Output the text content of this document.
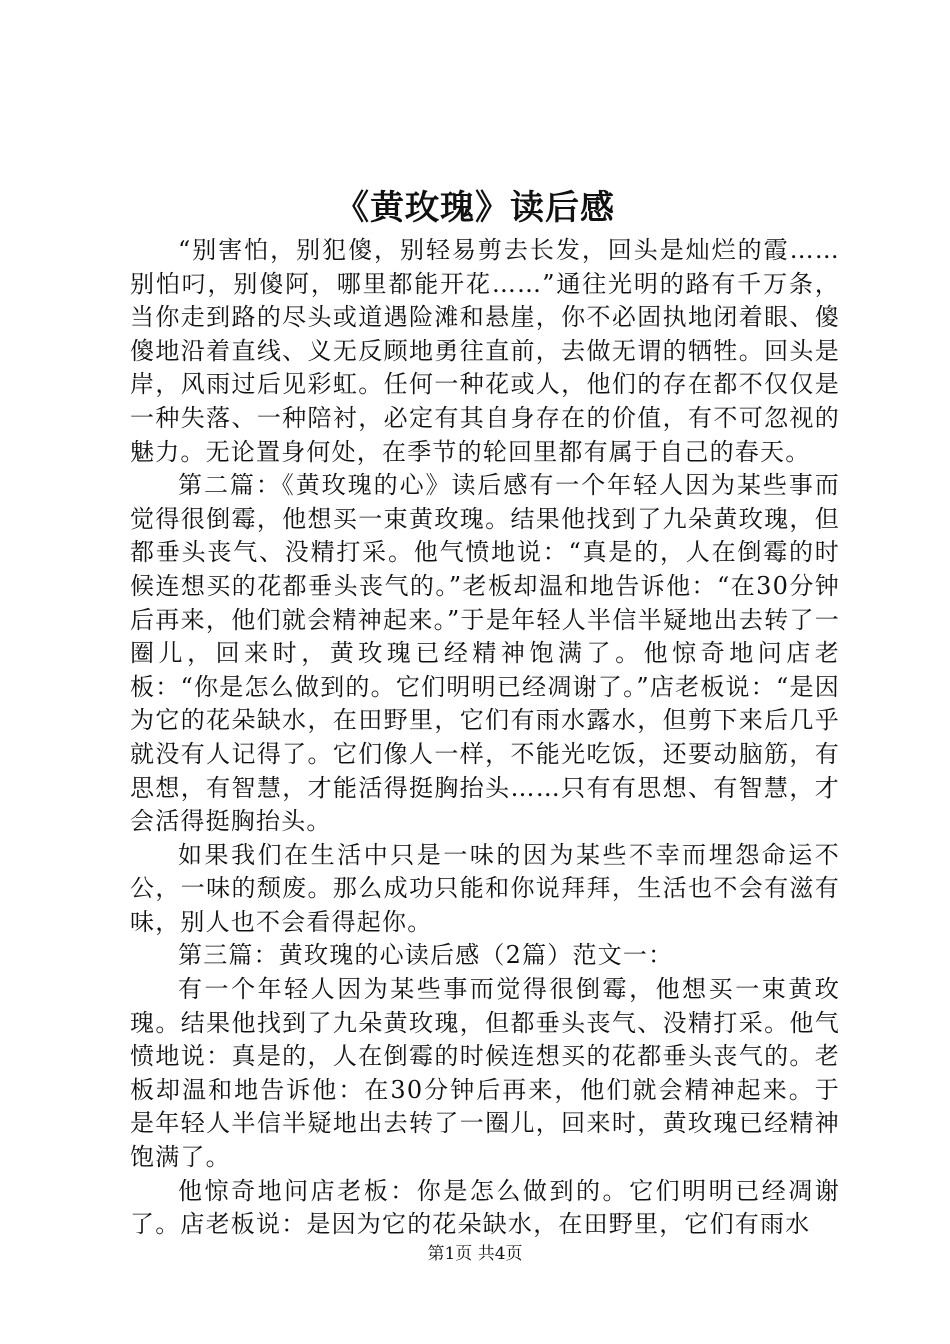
《黄玫瑰》读后感

“别害怕，别犯傻，别轻易剪去长发，回头是灿烂的霞……别怕叼，别傻阿，哪里都能开花……”通往光明的路有千万条，当你走到路的尽头或道遇险滩和悬崖，你不必固执地闭着眼、傻傻地沿着直线、义无反顾地勇往直前，去做无谓的牺牲。回头是岸，风雨过后见彩虹。任何一种花或人，他们的存在都不仅仅是一种失落、一种陪衬，必定有其自身存在的价值，有不可忽视的魅力。无论置身何处，在季节的轮回里都有属于自己的春天。

第二篇：《黄玫瑰的心》读后感有一个年轻人因为某些事而觉得很倒霉，他想买一束黄玫瑰。结果他找到了九朵黄玫瑰，但都垂头丧气、没精打采。他气愤地说：“真是的，人在倒霉的时候连想买的花都垂头丧气的。”老板却温和地告诉他：“在30分钟后再来，他们就会精神起来。”于是年轻人半信半疑地出去转了一圈儿，回来时，黄玫瑰已经精神饱满了。他惊奇地问店老板：“你是怎么做到的。它们明明已经凋谢了。”店老板说：“是因为它的花朵缺水，在田野里，它们有雨水露水，但剪下来后几乎就没有人记得了。它们像人一样，不能光吃饭，还要动脑筋，有思想，有智慧，才能活得挺胸抬头……只有有思想、有智慧，才会活得挺胸抬头。

如果我们在生活中只是一味的因为某些不幸而埋怨命运不公，一味的颓废。那么成功只能和你说拜拜，生活也不会有滋有味，别人也不会看得起你。

第三篇：黄玫瑰的心读后感（2篇）范文一：

有一个年轻人因为某些事而觉得很倒霉，他想买一束黄玫瑰。结果他找到了九朵黄玫瑰，但都垂头丧气、没精打采。他气愤地说：真是的，人在倒霉的时候连想买的花都垂头丧气的。老板却温和地告诉他：在30分钟后再来，他们就会精神起来。于是年轻人半信半疑地出去转了一圈儿，回来时，黄玫瑰已经精神饱满了。

他惊奇地问店老板：你是怎么做到的。它们明明已经凋谢了。店老板说：是因为它的花朵缺水，在田野里，它们有雨水

第1页 共4页
